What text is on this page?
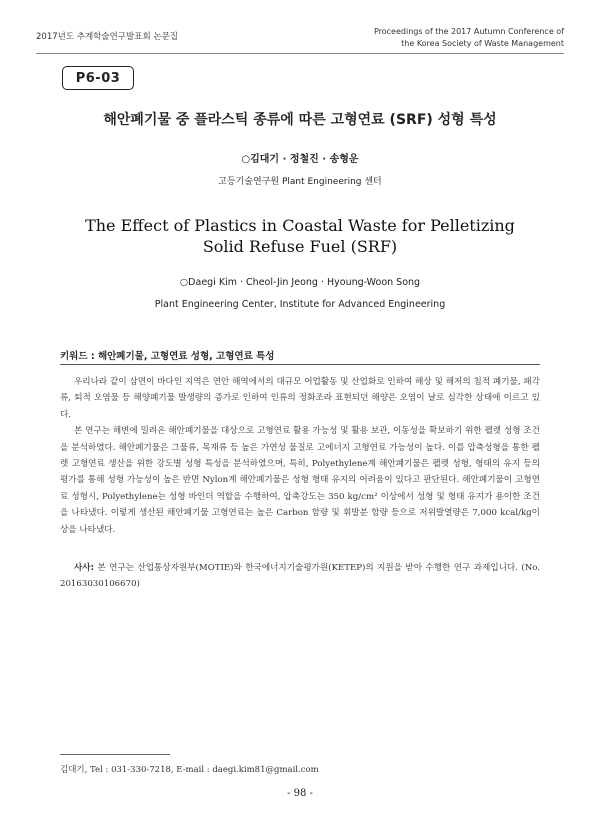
2017년도 추계학술연구발표회 논문집
Proceedings of the 2017 Autumn Conference of
the Korea Society of Waste Management
P6-03
해안폐기물 중 플라스틱 종류에 따른 고형연료 (SRF) 성형 특성
○김대기 · 정철진 · 송형운
고등기술연구원 Plant Engineering 센터
The Effect of Plastics in Coastal Waste for Pelletizing
Solid Refuse Fuel (SRF)
○Daegi Kim · Cheol-Jin Jeong · Hyoung-Woon Song
Plant Engineering Center, Institute for Advanced Engineering
키워드 : 해안폐기물, 고형연료 성형, 고형연료 특성
우리나라 같이 삼면이 바다인 지역은 연안 해역에서의 대규모 어업활동 및 산업화로 인하여 해상 및 해저의 침적 폐기물, 패각류, 퇴적 오염물 등 해양폐기물 발생량의 증가로 인하여 인류의 정화조라 표현되던 해양은 오염이 날로 심각한 상태에 이르고 있다.
본 연구는 해변에 밀려온 해안폐기물을 대상으로 고형연료 활용 가능성 및 활용 보관, 이동성을 확보하기 위한 펠렛 성형 조건을 분석하였다. 해안폐기물은 그물류, 목재류 등 높은 가연성 물질로 고에너지 고형연료 가능성이 높다. 이를 압축성형을 통한 펠렛 고형연료 생산을 위한 강도별 성형 특성을 분석하였으며, 특히, Polyethylene계 해안폐기물은 펠렛 성형, 형태의 유지 등의 평가를 통해 성형 가능성이 높은 반면 Nylon계 해안폐기물은 성형 형태 유지의 어려움이 있다고 판단된다. 해안폐기물이 고형연료 성형시, Polyethylene는 성형 바인더 역할을 수행하여, 압축강도는 350 kg/cm² 이상에서 성형 및 형태 유지가 용이한 조건을 나타냈다. 이렇게 생산된 해안폐기물 고형연료는 높은 Carbon 함량 및 휘발분 함량 등으로 저위발열량은 7,000 kcal/kg이상을 나타냈다.

사사: 본 연구는 산업통상자원부(MOTIE)와 한국에너지기술평가원(KETEP)의 지원을 받아 수행한 연구 과제입니다. (No. 20163030106670)

김대기, Tel : 031-330-7218, E-mail : daegi.kim81@gmail.com
- 98 -
